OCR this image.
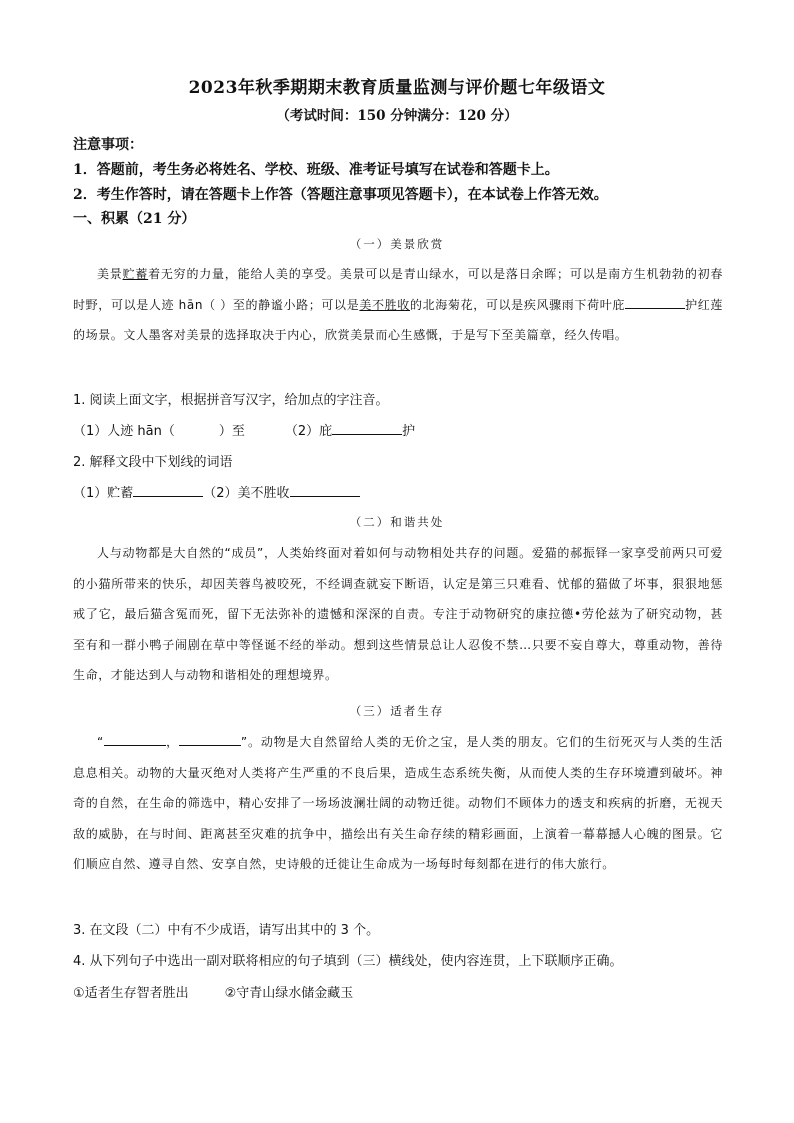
2023年秋季期期末教育质量监测与评价题七年级语文
（考试时间：150 分钟满分：120 分）
注意事项：
1．答题前，考生务必将姓名、学校、班级、准考证号填写在试卷和答题卡上。
2．考生作答时，请在答题卡上作答（答题注意事项见答题卡），在本试卷上作答无效。
一、积累（21 分）
（一）美景欣赏
美景贮蓄着无穷的力量，能给人美的享受。美景可以是青山绿水，可以是落日余晖；可以是南方生机勃勃的初春时野，可以是人迹 hān（ ）至的静谧小路；可以是美不胜收的北海菊花，可以是疾风骤雨下荷叶庇	护红莲的场景。文人墨客对美景的选择取决于内心，欣赏美景而心生感慨，于是写下至美篇章，经久传唱。
1. 阅读上面文字，根据拼音写汉字，给加点的字注音。
（1）人迹 hān（	）至	（2）庇	护
2. 解释文段中下划线的词语
（1）贮蓄	（2）美不胜收
（二）和谐共处
人与动物都是大自然的“成员”，人类始终面对着如何与动物相处共存的问题。爱猫的郝振铎一家享受前两只可爱的小猫所带来的快乐，却因芙蓉鸟被咬死，不经调查就妄下断语，认定是第三只难看、忧郁的猫做了坏事，狠狠地惩戒了它，最后猫含冤而死，留下无法弥补的遗憾和深深的自责。专注于动物研究的康拉德•劳伦兹为了研究动物，甚至有和一群小鸭子闹剧在草中等怪诞不经的举动。想到这些情景总让人忍俊不禁…只要不妄自尊大，尊重动物，善待生命，才能达到人与动物和谐相处的理想境界。
（三）适者生存
“	，	”。动物是大自然留给人类的无价之宝，是人类的朋友。它们的生衍死灭与人类的生活息息相关。动物的大量灭绝对人类将产生严重的不良后果，造成生态系统失衡，从而使人类的生存环境遭到破坏。神奇的自然，在生命的筛选中，精心安排了一场场波澜壮阔的动物迁徙。动物们不顾体力的透支和疾病的折磨，无视天敌的威胁，在与时间、距离甚至灾难的抗争中，描绘出有关生命存续的精彩画面，上演着一幕幕撼人心魄的图景。它们顺应自然、遵寻自然、安享自然，史诗般的迁徙让生命成为一场每时每刻都在进行的伟大旅行。
3. 在文段（二）中有不少成语，请写出其中的 3 个。
4. 从下列句子中选出一副对联将相应的句子填到（三）横线处，使内容连贯，上下联顺序正确。
①适者生存智者胜出	②守青山绿水储金藏玉
